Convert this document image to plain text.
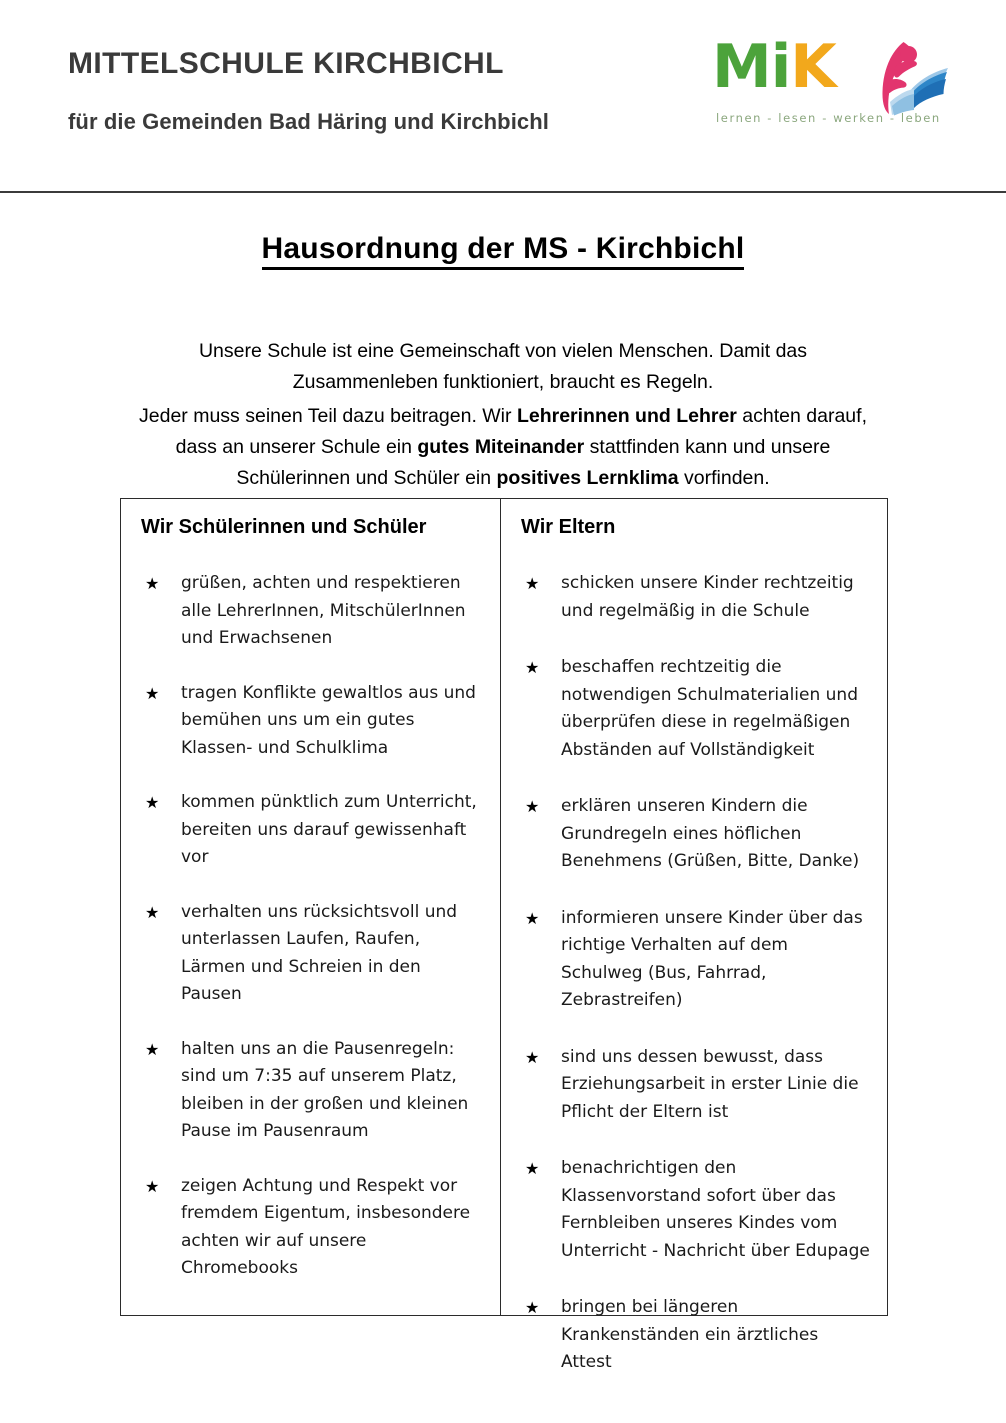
MITTELSCHULE KIRCHBICHL
für die Gemeinden Bad Häring und Kirchbichl
MiK
lernen - lesen - werken - leben
Hausordnung der MS - Kirchbichl
Unsere Schule ist eine Gemeinschaft von vielen Menschen. Damit das
Zusammenleben funktioniert, braucht es Regeln.
Jeder muss seinen Teil dazu beitragen. Wir Lehrerinnen und Lehrer achten darauf, dass an unserer Schule ein gutes Miteinander stattfinden kann und unsere Schülerinnen und Schüler ein positives Lernklima vorfinden.
Wir Schülerinnen und Schüler
★ grüßen, achten und respektieren alle LehrerInnen, MitschülerInnen und Erwachsenen
★ tragen Konflikte gewaltlos aus und bemühen uns um ein gutes Klassen- und Schulklima
★ kommen pünktlich zum Unterricht, bereiten uns darauf gewissenhaft vor
★ verhalten uns rücksichtsvoll und unterlassen Laufen, Raufen, Lärmen und Schreien in den Pausen
★ halten uns an die Pausenregeln: sind um 7:35 auf unserem Platz, bleiben in der großen und kleinen Pause im Pausenraum
★ zeigen Achtung und Respekt vor fremdem Eigentum, insbesondere achten wir auf unsere Chromebooks
Wir Eltern
★ schicken unsere Kinder rechtzeitig und regelmäßig in die Schule
★ beschaffen rechtzeitig die notwendigen Schulmaterialien und überprüfen diese in regelmäßigen Abständen auf Vollständigkeit
★ erklären unseren Kindern die Grundregeln eines höflichen Benehmens (Grüßen, Bitte, Danke)
★ informieren unsere Kinder über das richtige Verhalten auf dem Schulweg (Bus, Fahrrad, Zebrastreifen)
★ sind uns dessen bewusst, dass Erziehungsarbeit in erster Linie die Pflicht der Eltern ist
★ benachrichtigen den Klassenvorstand sofort über das Fernbleiben unseres Kindes vom Unterricht - Nachricht über Edupage
★ bringen bei längeren Krankenständen ein ärztliches Attest
